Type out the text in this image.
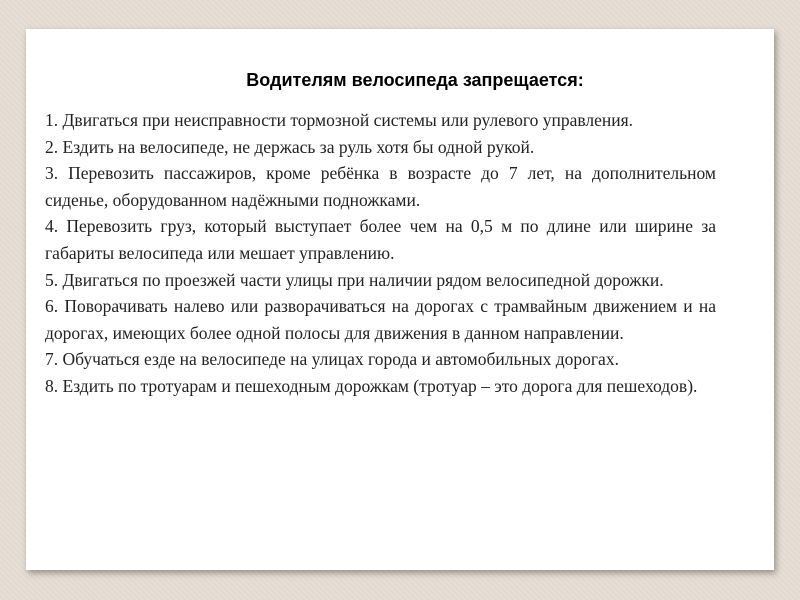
Водителям велосипеда запрещается:
1. Двигаться при неисправности тормозной системы или рулевого управления.
2. Ездить на велосипеде, не держась за руль хотя бы одной рукой.
3. Перевозить пассажиров, кроме ребёнка в возрасте до 7 лет, на дополнительном сиденье, оборудованном надёжными подножками.
4. Перевозить груз, который выступает более чем на 0,5 м по длине или ширине за габариты велосипеда или мешает управлению.
5. Двигаться по проезжей части улицы при наличии рядом велосипедной дорожки.
6. Поворачивать налево или разворачиваться на дорогах с трамвайным движением и на дорогах, имеющих более одной полосы для движения в данном направлении.
7. Обучаться езде на велосипеде на улицах города и автомобильных дорогах.
8. Ездить по тротуарам и пешеходным дорожкам (тротуар – это дорога для пешеходов).
